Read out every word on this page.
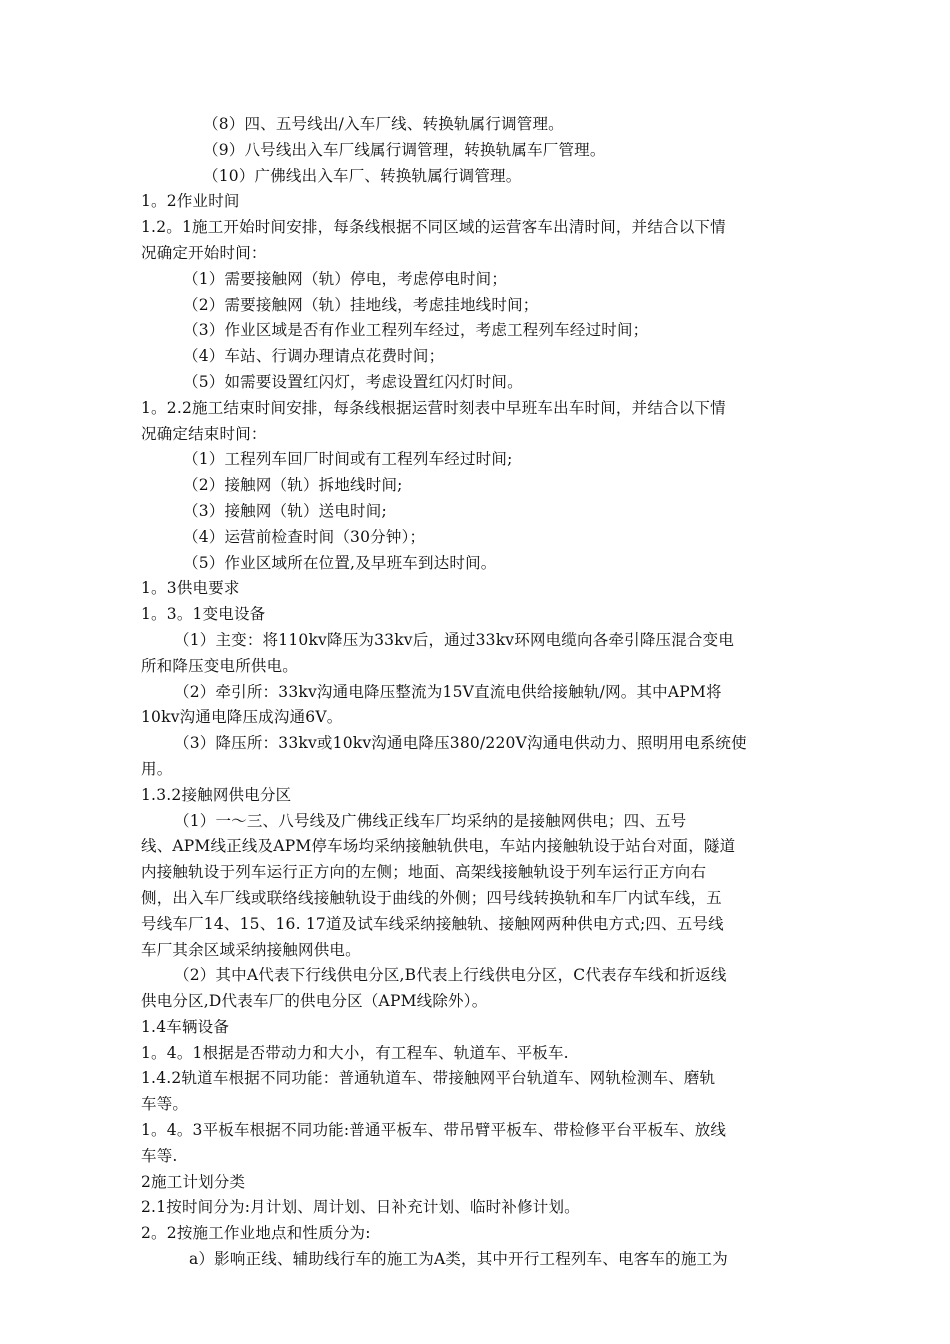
（8）四、五号线出/入车厂线、转换轨属行调管理。
（9）八号线出入车厂线属行调管理，转换轨属车厂管理。
（10）广佛线出入车厂、转换轨属行调管理。
1。2作业时间
1.2。1施工开始时间安排，每条线根据不同区域的运营客车出清时间，并结合以下情
况确定开始时间：
（1）需要接触网（轨）停电，考虑停电时间；
（2）需要接触网（轨）挂地线，考虑挂地线时间；
（3）作业区域是否有作业工程列车经过，考虑工程列车经过时间；
（4）车站、行调办理请点花费时间；
（5）如需要设置红闪灯，考虑设置红闪灯时间。
1。2.2施工结束时间安排，每条线根据运营时刻表中早班车出车时间，并结合以下情
况确定结束时间：
（1）工程列车回厂时间或有工程列车经过时间;
（2）接触网（轨）拆地线时间;
（3）接触网（轨）送电时间;
（4）运营前检查时间（30分钟）；
（5）作业区域所在位置,及早班车到达时间。
1。3供电要求
1。3。1变电设备
（1）主变：将110kv降压为33kv后，通过33kv环网电缆向各牵引降压混合变电
所和降压变电所供电。
（2）牵引所：33kv沟通电降压整流为15V直流电供给接触轨/网。其中APM将
10kv沟通电降压成沟通6V。
（3）降压所：33kv或10kv沟通电降压380/220V沟通电供动力、照明用电系统使
用。
1.3.2接触网供电分区
（1）一〜三、八号线及广佛线正线车厂均采纳的是接触网供电；四、五号
线、APM线正线及APM停车场均采纳接触轨供电，车站内接触轨设于站台对面，隧道
内接触轨设于列车运行正方向的左侧；地面、高架线接触轨设于列车运行正方向右
侧，出入车厂线或联络线接触轨设于曲线的外侧；四号线转换轨和车厂内试车线，五
号线车厂14、15、16. 17道及试车线采纳接触轨、接触网两种供电方式;四、五号线
车厂其余区域采纳接触网供电。
（2）其中A代表下行线供电分区,B代表上行线供电分区，C代表存车线和折返线
供电分区,D代表车厂的供电分区（APM线除外）。
1.4车辆设备
1。4。1根据是否带动力和大小，有工程车、轨道车、平板车.
1.4.2轨道车根据不同功能：普通轨道车、带接触网平台轨道车、网轨检测车、磨轨
车等。
1。4。3平板车根据不同功能:普通平板车、带吊臂平板车、带检修平台平板车、放线
车等.
2施工计划分类
2.1按时间分为:月计划、周计划、日补充计划、临时补修计划。
2。2按施工作业地点和性质分为:
a）影响正线、辅助线行车的施工为A类，其中开行工程列车、电客车的施工为
